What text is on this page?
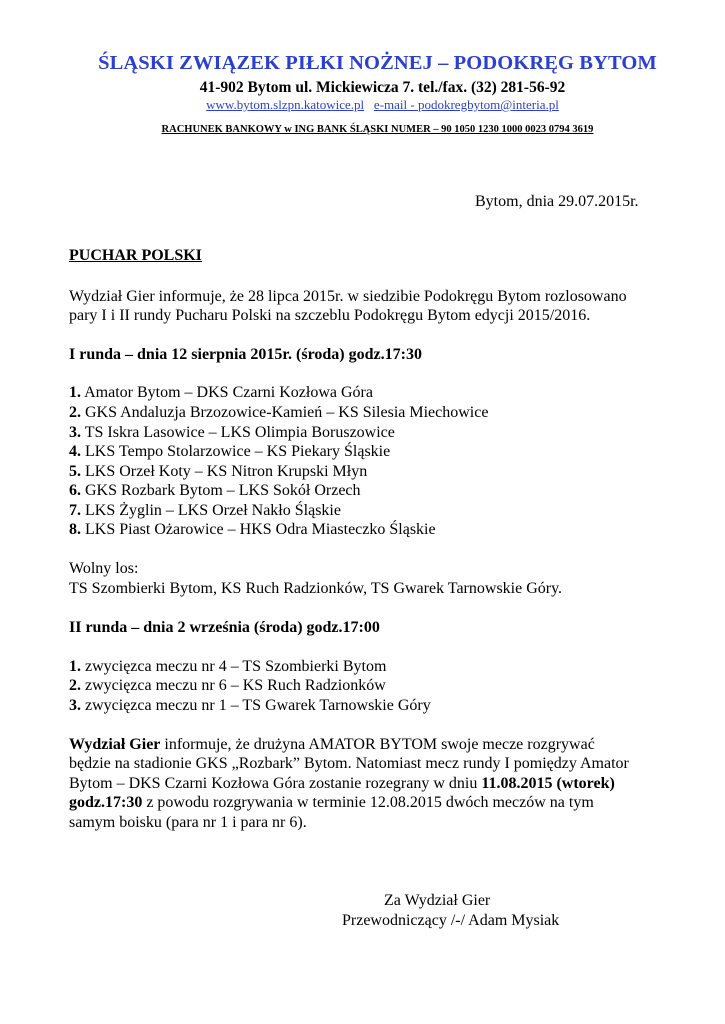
ŚLĄSKI ZWIĄZEK PIŁKI NOŻNEJ – PODOKRĘG BYTOM
41-902 Bytom ul. Mickiewicza 7. tel./fax. (32) 281-56-92
www.bytom.slzpn.katowice.pl e-mail - podokregbytom@interia.pl
RACHUNEK BANKOWY w ING BANK ŚLĄSKI NUMER – 90 1050 1230 1000 0023 0794 3619
Bytom, dnia 29.07.2015r.
PUCHAR POLSKI
Wydział Gier informuje, że 28 lipca 2015r. w siedzibie Podokręgu Bytom rozlosowano
pary I i II rundy Pucharu Polski na szczeblu Podokręgu Bytom edycji 2015/2016.
I runda – dnia 12 sierpnia 2015r. (środa) godz.17:30
1. Amator Bytom – DKS Czarni Kozłowa Góra
2. GKS Andaluzja Brzozowice-Kamień – KS Silesia Miechowice
3. TS Iskra Lasowice – LKS Olimpia Boruszowice
4. LKS Tempo Stolarzowice – KS Piekary Śląskie
5. LKS Orzeł Koty – KS Nitron Krupski Młyn
6. GKS Rozbark Bytom – LKS Sokół Orzech
7. LKS Żyglin – LKS Orzeł Nakło Śląskie
8. LKS Piast Ożarowice – HKS Odra Miasteczko Śląskie
Wolny los:
TS Szombierki Bytom, KS Ruch Radzionków, TS Gwarek Tarnowskie Góry.
II runda – dnia 2 września (środa) godz.17:00
1. zwycięzca meczu nr 4 – TS Szombierki Bytom
2. zwycięzca meczu nr 6 – KS Ruch Radzionków
3. zwycięzca meczu nr 1 – TS Gwarek Tarnowskie Góry
Wydział Gier informuje, że drużyna AMATOR BYTOM swoje mecze rozgrywać
będzie na stadionie GKS „Rozbark” Bytom. Natomiast mecz rundy I pomiędzy Amator
Bytom – DKS Czarni Kozłowa Góra zostanie rozegrany w dniu 11.08.2015 (wtorek)
godz.17:30 z powodu rozgrywania w terminie 12.08.2015 dwóch meczów na tym
samym boisku (para nr 1 i para nr 6).
Za Wydział Gier
Przewodniczący /-/ Adam Mysiak
